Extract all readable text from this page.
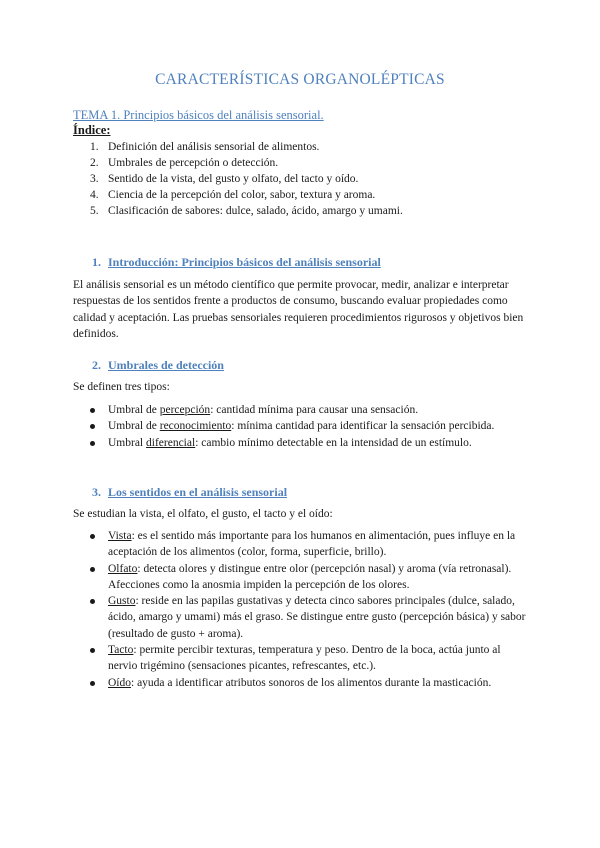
CARACTERÍSTICAS ORGANOLÉPTICAS
TEMA 1. Principios básicos del análisis sensorial.
Índice:
1. Definición del análisis sensorial de alimentos.
2. Umbrales de percepción o detección.
3. Sentido de la vista, del gusto y olfato, del tacto y oído.
4. Ciencia de la percepción del color, sabor, textura y aroma.
5. Clasificación de sabores: dulce, salado, ácido, amargo y umami.
1. Introducción: Principios básicos del análisis sensorial

El análisis sensorial es un método científico que permite provocar, medir, analizar e interpretar respuestas de los sentidos frente a productos de consumo, buscando evaluar propiedades como calidad y aceptación. Las pruebas sensoriales requieren procedimientos rigurosos y objetivos bien definidos.

2. Umbrales de detección

Se definen tres tipos:

Umbral de percepción: cantidad mínima para causar una sensación.
Umbral de reconocimiento: mínima cantidad para identificar la sensación percibida.
Umbral diferencial: cambio mínimo detectable en la intensidad de un estímulo.
3. Los sentidos en el análisis sensorial

Se estudian la vista, el olfato, el gusto, el tacto y el oído:

Vista: es el sentido más importante para los humanos en alimentación, pues influye en la aceptación de los alimentos (color, forma, superficie, brillo).
Olfato: detecta olores y distingue entre olor (percepción nasal) y aroma (vía retronasal). Afecciones como la anosmia impiden la percepción de los olores.
Gusto: reside en las papilas gustativas y detecta cinco sabores principales (dulce, salado, ácido, amargo y umami) más el graso. Se distingue entre gusto (percepción básica) y sabor (resultado de gusto + aroma).
Tacto: permite percibir texturas, temperatura y peso. Dentro de la boca, actúa junto al nervio trigémino (sensaciones picantes, refrescantes, etc.).
Oído: ayuda a identificar atributos sonoros de los alimentos durante la masticación.
